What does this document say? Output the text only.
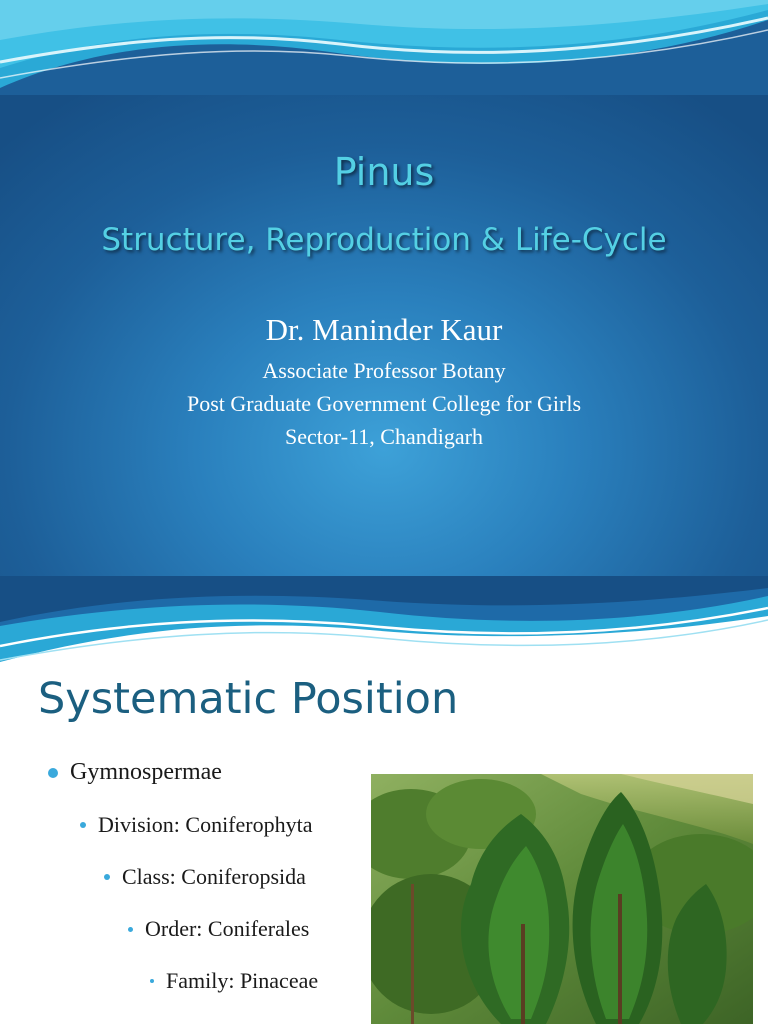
Pinus
Structure, Reproduction & Life-Cycle
Dr. Maninder Kaur
Associate Professor Botany
Post Graduate Government College for Girls
Sector-11, Chandigarh
Systematic Position
Gymnospermae
Division: Coniferophyta
Class: Coniferopsida
Order: Coniferales
Family: Pinaceae
